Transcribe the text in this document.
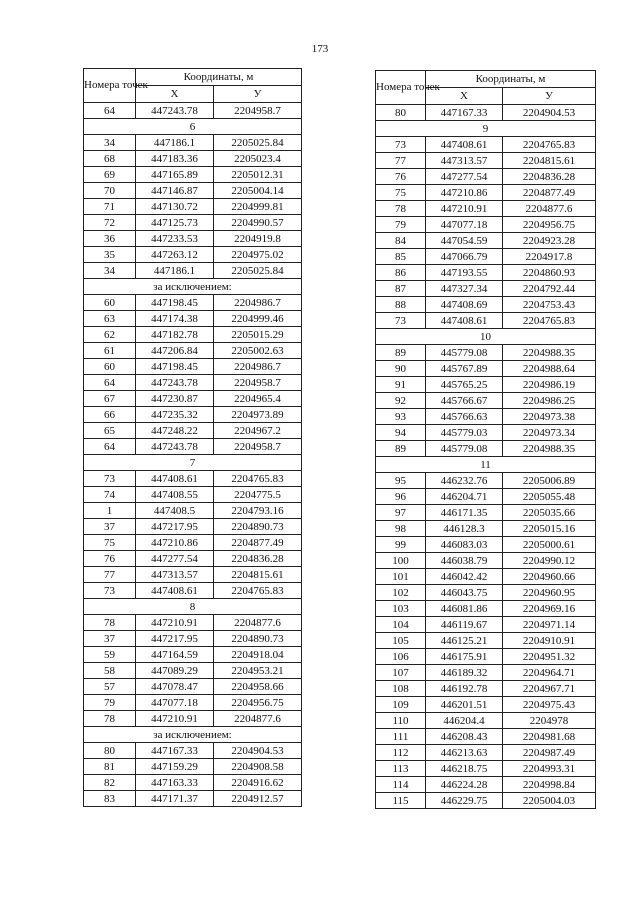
173
Номера точек	Координаты, м	
	X	У
64	447243.78	2204958.7
6		
34	447186.1	2205025.84
68	447183.36	2205023.4
69	447165.89	2205012.31
70	447146.87	2205004.14
71	447130.72	2204999.81
72	447125.73	2204990.57
36	447233.53	2204919.8
35	447263.12	2204975.02
34	447186.1	2205025.84
за исключением:		
60	447198.45	2204986.7
63	447174.38	2204999.46
62	447182.78	2205015.29
61	447206.84	2205002.63
60	447198.45	2204986.7
64	447243.78	2204958.7
67	447230.87	2204965.4
66	447235.32	2204973.89
65	447248.22	2204967.2
64	447243.78	2204958.7
7		
73	447408.61	2204765.83
74	447408.55	2204775.5
1	447408.5	2204793.16
37	447217.95	2204890.73
75	447210.86	2204877.49
76	447277.54	2204836.28
77	447313.57	2204815.61
73	447408.61	2204765.83
8		
78	447210.91	2204877.6
37	447217.95	2204890.73
59	447164.59	2204918.04
58	447089.29	2204953.21
57	447078.47	2204958.66
79	447077.18	2204956.75
78	447210.91	2204877.6
за исключением:		
80	447167.33	2204904.53
81	447159.29	2204908.58
82	447163.33	2204916.62
83	447171.37	2204912.57
Номера точек	Координаты, м	
	X	У
80	447167.33	2204904.53
9		
73	447408.61	2204765.83
77	447313.57	2204815.61
76	447277.54	2204836.28
75	447210.86	2204877.49
78	447210.91	2204877.6
79	447077.18	2204956.75
84	447054.59	2204923.28
85	447066.79	2204917.8
86	447193.55	2204860.93
87	447327.34	2204792.44
88	447408.69	2204753.43
73	447408.61	2204765.83
10		
89	445779.08	2204988.35
90	445767.89	2204988.64
91	445765.25	2204986.19
92	445766.67	2204986.25
93	445766.63	2204973.38
94	445779.03	2204973.34
89	445779.08	2204988.35
11		
95	446232.76	2205006.89
96	446204.71	2205055.48
97	446171.35	2205035.66
98	446128.3	2205015.16
99	446083.03	2205000.61
100	446038.79	2204990.12
101	446042.42	2204960.66
102	446043.75	2204960.95
103	446081.86	2204969.16
104	446119.67	2204971.14
105	446125.21	2204910.91
106	446175.91	2204951.32
107	446189.32	2204964.71
108	446192.78	2204967.71
109	446201.51	2204975.43
110	446204.4	2204978
111	446208.43	2204981.68
112	446213.63	2204987.49
113	446218.75	2204993.31
114	446224.28	2204998.84
115	446229.75	2205004.03
